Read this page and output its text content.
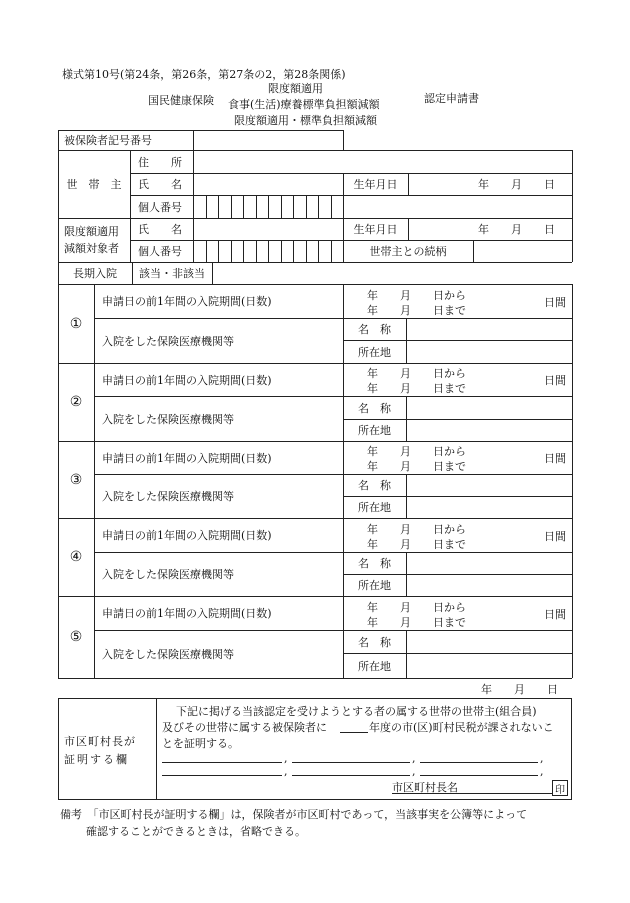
様式第10号(第24条，第26条，第27条の2，第28条関係)
国民健康保険
限度額適用
食事(生活)療養標準負担額減額
限度額適用・標準負担額減額
認定申請書
被保険者記号番号
世　帯　主
住　　所
氏　　名
個人番号
生年月日	年　　月　　日
限度額適用
減額対象者
氏　　名
個人番号
生年月日	年　　月　　日
世帯主との続柄
長期入院	該当・非該当
①
申請日の前1年間の入院期間(日数)	年　　月　　日から
年　　月　　日まで
日間
入院をした保険医療機関等
名　称
所在地
②
申請日の前1年間の入院期間(日数)	年　　月　　日から
年　　月　　日まで
日間
入院をした保険医療機関等
名　称
所在地
③
申請日の前1年間の入院期間(日数)	年　　月　　日から
年　　月　　日まで
日間
入院をした保険医療機関等
名　称
所在地
④
申請日の前1年間の入院期間(日数)	年　　月　　日から
年　　月　　日まで
日間
入院をした保険医療機関等
名　称
所在地
⑤
申請日の前1年間の入院期間(日数)	年　　月　　日から
年　　月　　日まで
日間
入院をした保険医療機関等
名　称
所在地
年　　月　　日
市区町村長が
証明する欄
下記に掲げる当該認定を受けようとする者の属する世帯の世帯主(組合員)
及びその世帯に属する被保険者に	年度の市(区)町村民税が課されないこ
とを証明する。
,	,	,
,	,	,
市区町村長名	印
備考　「市区町村長が証明する欄」は，保険者が市区町村であって，当該事実を公簿等によって
確認することができるときは，省略できる。
